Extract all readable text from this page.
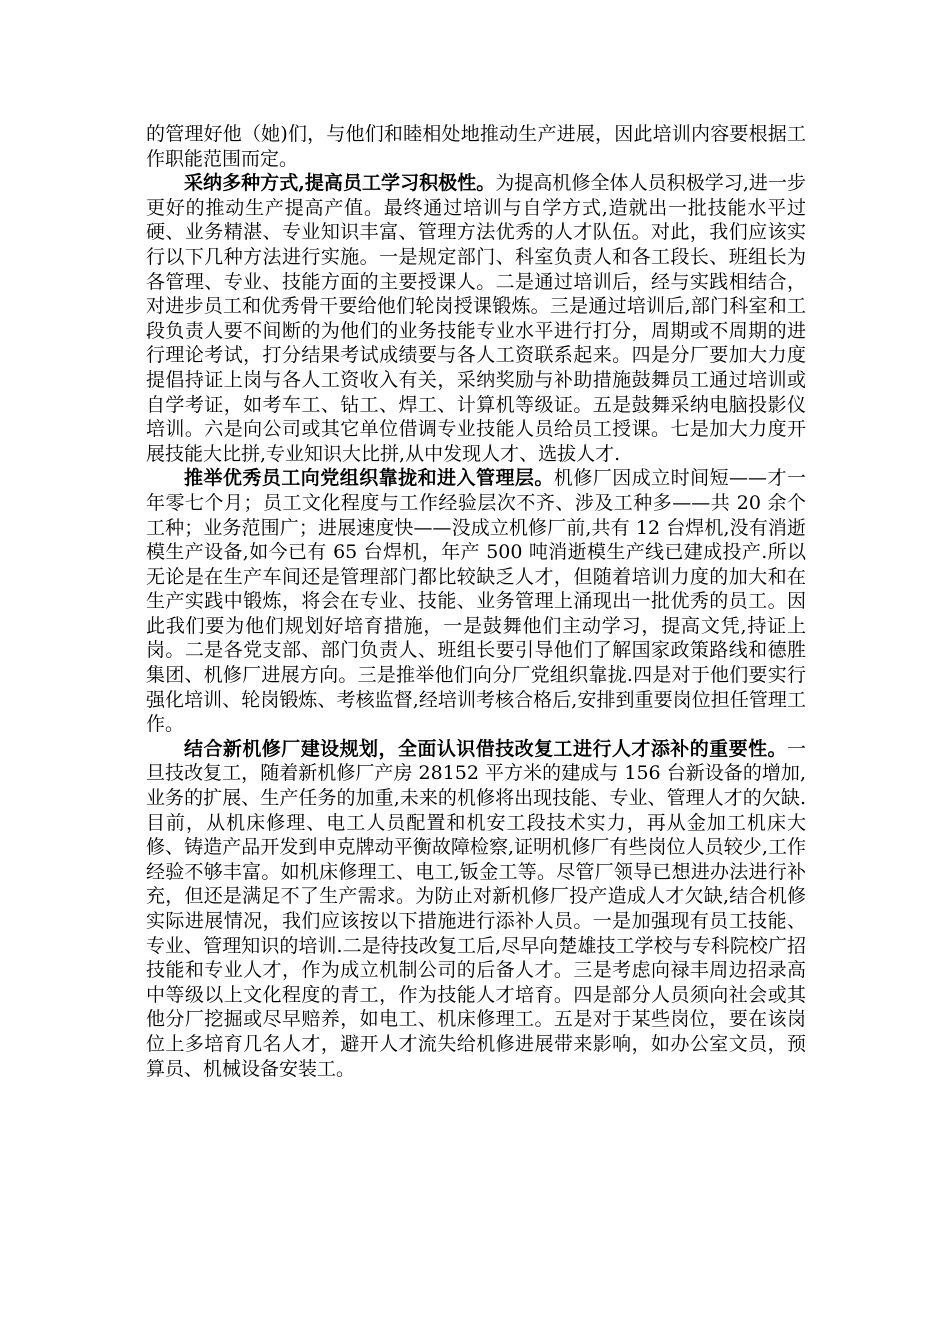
的管理好他（她)们，与他们和睦相处地推动生产进展，因此培训内容要根据工作职能范围而定。

采纳多种方式,提高员工学习积极性。为提高机修全体人员积极学习,进一步更好的推动生产提高产值。最终通过培训与自学方式,造就出一批技能水平过硬、业务精湛、专业知识丰富、管理方法优秀的人才队伍。对此，我们应该实行以下几种方法进行实施。一是规定部门、科室负责人和各工段长、班组长为各管理、专业、技能方面的主要授课人。二是通过培训后，经与实践相结合，对进步员工和优秀骨干要给他们轮岗授课锻炼。三是通过培训后,部门科室和工段负责人要不间断的为他们的业务技能专业水平进行打分，周期或不周期的进行理论考试，打分结果考试成绩要与各人工资联系起来。四是分厂要加大力度提倡持证上岗与各人工资收入有关，采纳奖励与补助措施鼓舞员工通过培训或自学考证，如考车工、钻工、焊工、计算机等级证。五是鼓舞采纳电脑投影仪培训。六是向公司或其它单位借调专业技能人员给员工授课。七是加大力度开展技能大比拼,专业知识大比拼,从中发现人才、选拔人才.

推举优秀员工向党组织靠拢和进入管理层。机修厂因成立时间短——才一年零七个月；员工文化程度与工作经验层次不齐、涉及工种多——共 20 余个工种；业务范围广；进展速度快——没成立机修厂前,共有 12 台焊机,没有消逝模生产设备,如今已有 65 台焊机，年产 500 吨消逝模生产线已建成投产.所以无论是在生产车间还是管理部门都比较缺乏人才，但随着培训力度的加大和在生产实践中锻炼，将会在专业、技能、业务管理上涌现出一批优秀的员工。因此我们要为他们规划好培育措施，一是鼓舞他们主动学习，提高文凭,持证上岗。二是各党支部、部门负责人、班组长要引导他们了解国家政策路线和德胜集团、机修厂进展方向。三是推举他们向分厂党组织靠拢.四是对于他们要实行强化培训、轮岗锻炼、考核监督,经培训考核合格后,安排到重要岗位担任管理工作。

结合新机修厂建设规划，全面认识借技改复工进行人才添补的重要性。一旦技改复工，随着新机修厂产房 28152 平方米的建成与 156 台新设备的增加,业务的扩展、生产任务的加重,未来的机修将出现技能、专业、管理人才的欠缺.目前，从机床修理、电工人员配置和机安工段技术实力，再从金加工机床大修、铸造产品开发到申克牌动平衡故障检察,证明机修厂有些岗位人员较少,工作经验不够丰富。如机床修理工、电工,钣金工等。尽管厂领导已想进办法进行补充，但还是满足不了生产需求。为防止对新机修厂投产造成人才欠缺,结合机修实际进展情况，我们应该按以下措施进行添补人员。一是加强现有员工技能、专业、管理知识的培训.二是待技改复工后,尽早向楚雄技工学校与专科院校广招技能和专业人才，作为成立机制公司的后备人才。三是考虑向禄丰周边招录高中等级以上文化程度的青工，作为技能人才培育。四是部分人员须向社会或其他分厂挖掘或尽早赔养，如电工、机床修理工。五是对于某些岗位，要在该岗位上多培育几名人才，避开人才流失给机修进展带来影响，如办公室文员，预算员、机械设备安装工。
